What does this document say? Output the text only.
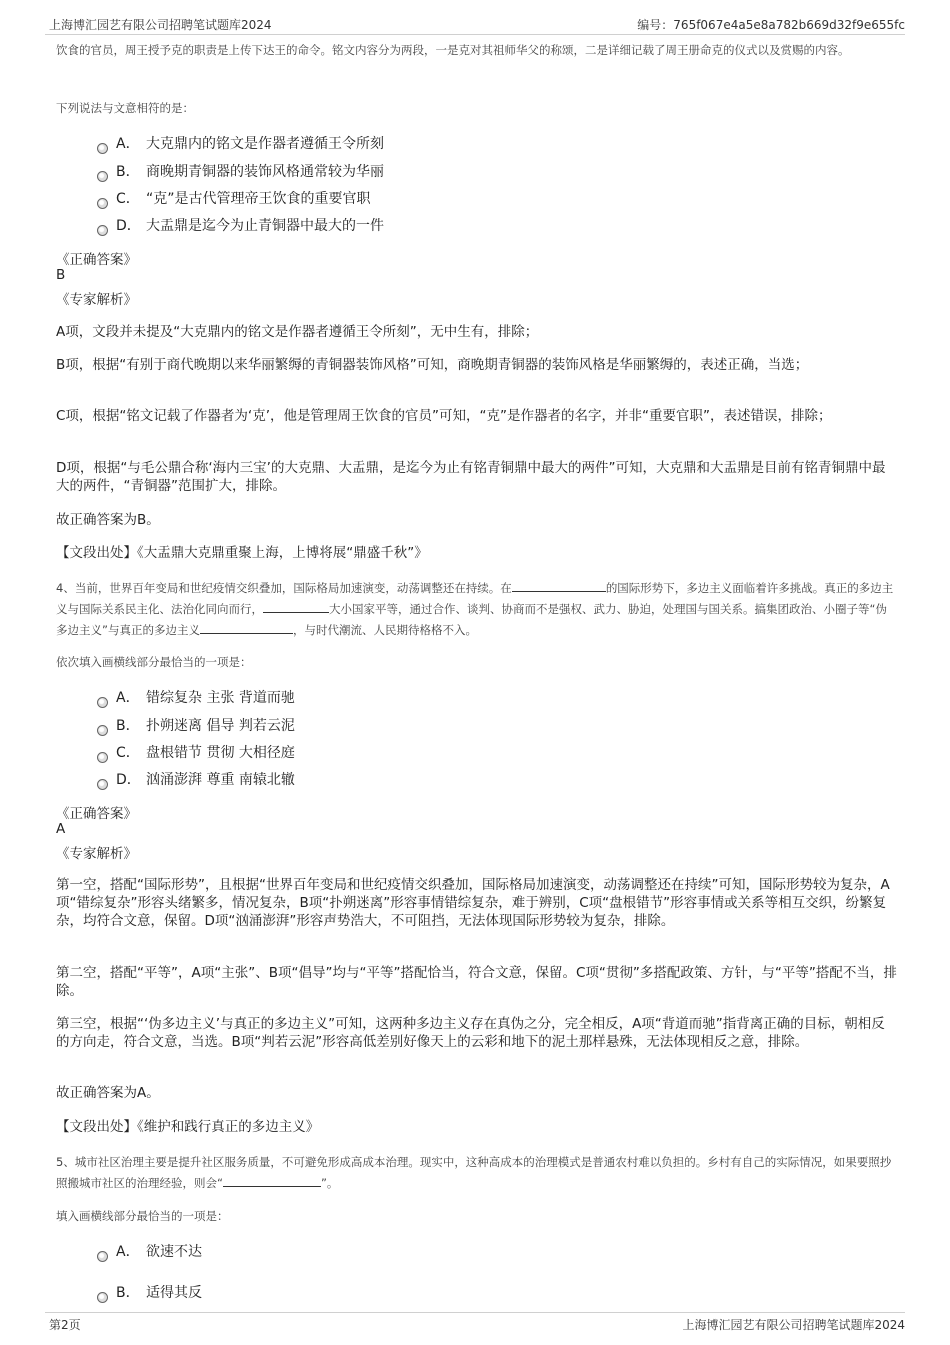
上海博汇园艺有限公司招聘笔试题库2024	编号：765f067e4a5e8a782b669d32f9e655fc
饮食的官员，周王授予克的职责是上传下达王的命令。铭文内容分为两段，一是克对其祖师华父的称颂，二是详细记载了周王册命克的仪式以及赏赐的内容。
下列说法与文意相符的是：
A． 大克鼎内的铭文是作器者遵循王令所刻
B． 商晚期青铜器的装饰风格通常较为华丽
C． “克”是古代管理帝王饮食的重要官职
D． 大盂鼎是迄今为止青铜器中最大的一件
《正确答案》
B
《专家解析》
A项，文段并未提及“大克鼎内的铭文是作器者遵循王令所刻”，无中生有，排除；
B项，根据“有别于商代晚期以来华丽繁缛的青铜器装饰风格”可知，商晚期青铜器的装饰风格是华丽繁缛的，表述正确，当选；
C项，根据“铭文记载了作器者为‘克’，他是管理周王饮食的官员”可知，“克”是作器者的名字，并非“重要官职”，表述错误，排除；
D项，根据“与毛公鼎合称‘海内三宝’的大克鼎、大盂鼎，是迄今为止有铭青铜鼎中最大的两件”可知，大克鼎和大盂鼎是目前有铭青铜鼎中最大的两件，“青铜器”范围扩大，排除。
故正确答案为B。
【文段出处】《大盂鼎大克鼎重聚上海，上博将展“鼎盛千秋”》
4、当前，世界百年变局和世纪疫情交织叠加，国际格局加速演变，动荡调整还在持续。在	的国际形势下，多边主义面临着许多挑战。真正的多边主义与国际关系民主化、法治化同向而行，	大小国家平等，通过合作、谈判、协商而不是强权、武力、胁迫，处理国与国关系。搞集团政治、小圈子等“伪多边主义”与真正的多边主义	，与时代潮流、人民期待格格不入。
依次填入画横线部分最恰当的一项是：
A． 错综复杂 主张 背道而驰
B． 扑朔迷离 倡导 判若云泥
C． 盘根错节 贯彻 大相径庭
D． 汹涌澎湃 尊重 南辕北辙
《正确答案》
A
《专家解析》
第一空，搭配“国际形势”，且根据“世界百年变局和世纪疫情交织叠加，国际格局加速演变，动荡调整还在持续”可知，国际形势较为复杂，A项“错综复杂”形容头绪繁多，情况复杂，B项“扑朔迷离”形容事情错综复杂，难于辨别，C项“盘根错节”形容事情或关系等相互交织，纷繁复杂，均符合文意，保留。D项“汹涌澎湃”形容声势浩大，不可阻挡，无法体现国际形势较为复杂，排除。
第二空，搭配“平等”，A项“主张”、B项“倡导”均与“平等”搭配恰当，符合文意，保留。C项“贯彻”多搭配政策、方针，与“平等”搭配不当，排除。
第三空，根据“‘伪多边主义’与真正的多边主义”可知，这两种多边主义存在真伪之分，完全相反，A项“背道而驰”指背离正确的目标，朝相反的方向走，符合文意，当选。B项“判若云泥”形容高低差别好像天上的云彩和地下的泥土那样悬殊，无法体现相反之意，排除。
故正确答案为A。
【文段出处】《维护和践行真正的多边主义》
5、城市社区治理主要是提升社区服务质量，不可避免形成高成本治理。现实中，这种高成本的治理模式是普通农村难以负担的。乡村有自己的实际情况，如果要照抄照搬城市社区的治理经验，则会“	”。
填入画横线部分最恰当的一项是：
A． 欲速不达
B． 适得其反
第2页	上海博汇园艺有限公司招聘笔试题库2024
